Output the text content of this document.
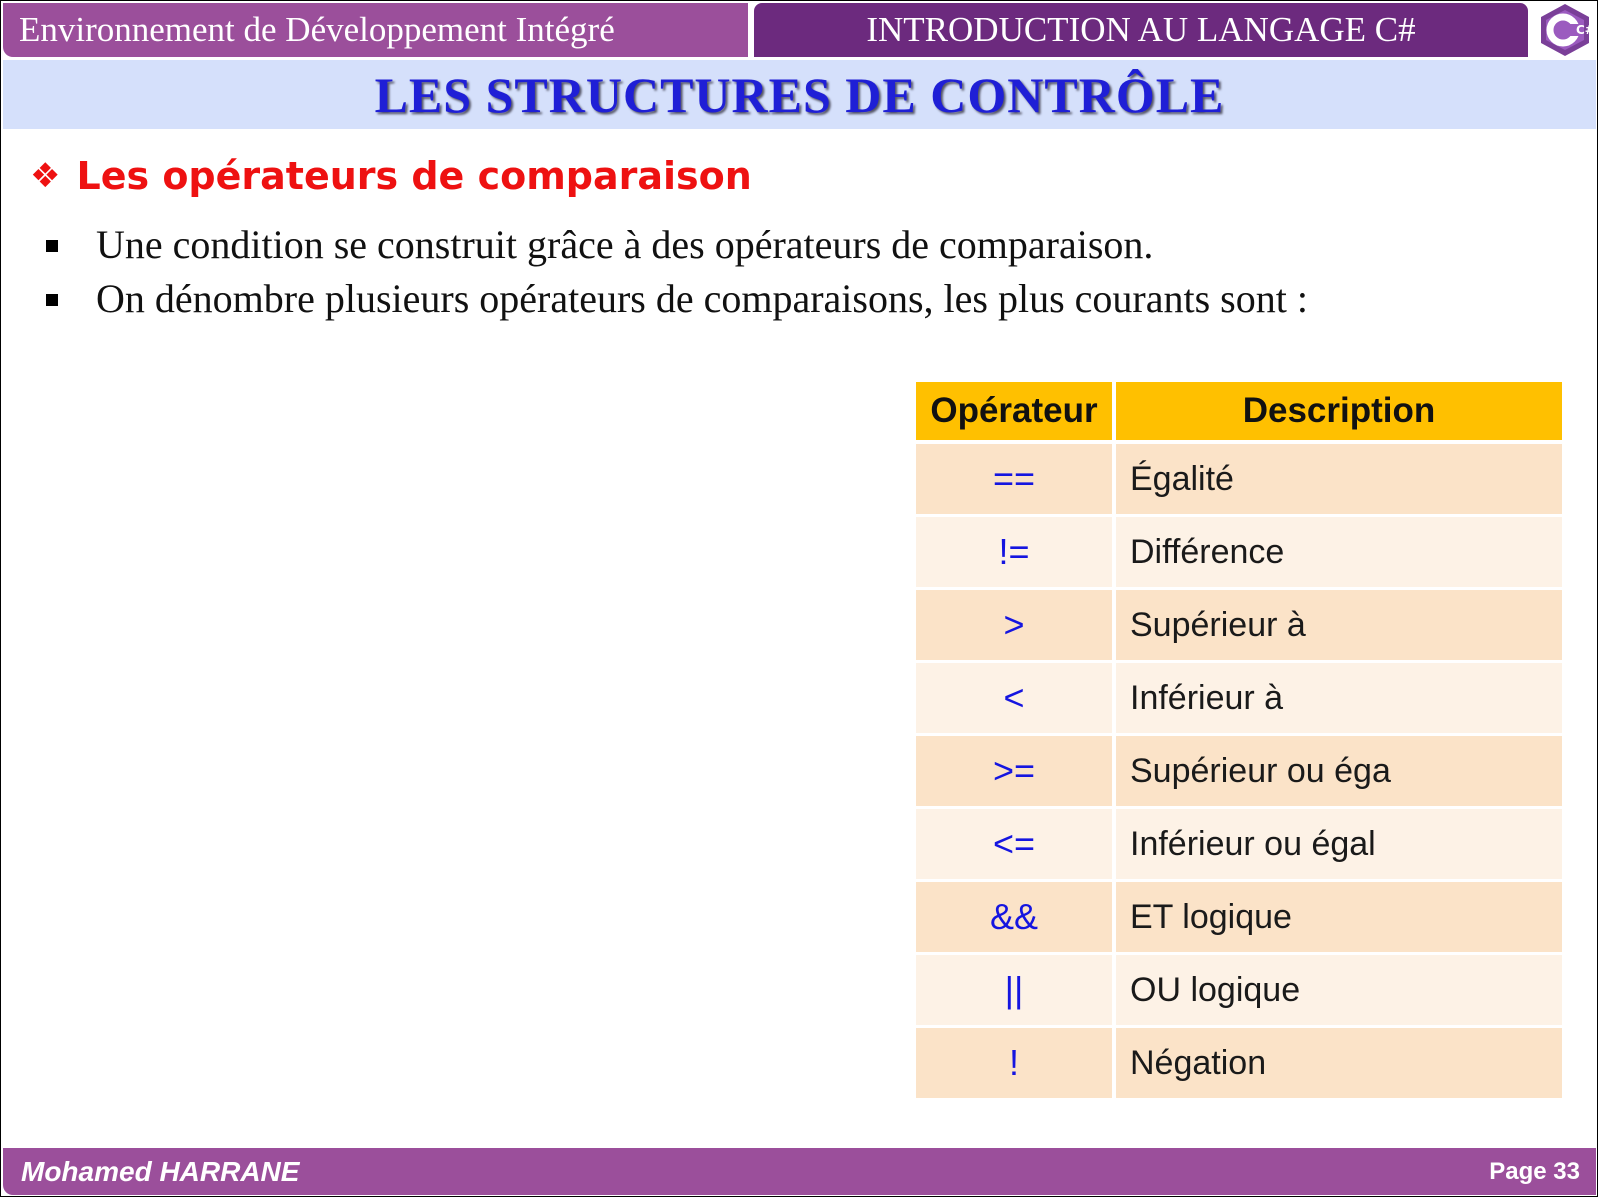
Environnement de Développement Intégré	INTRODUCTION AU LANGAGE C#	C#
LES STRUCTURES DE CONTRÔLE
❖ Les opérateurs de comparaison
Une condition se construit grâce à des opérateurs de comparaison.
On dénombre plusieurs opérateurs de comparaisons, les plus courants sont :
Opérateur	Description
==	Égalité
!=	Différence
>	Supérieur à
<	Inférieur à
>=	Supérieur ou éga
<=	Inférieur ou égal
&&	ET logique
||	OU logique
!	Négation
Mohamed HARRANE	Page 33
